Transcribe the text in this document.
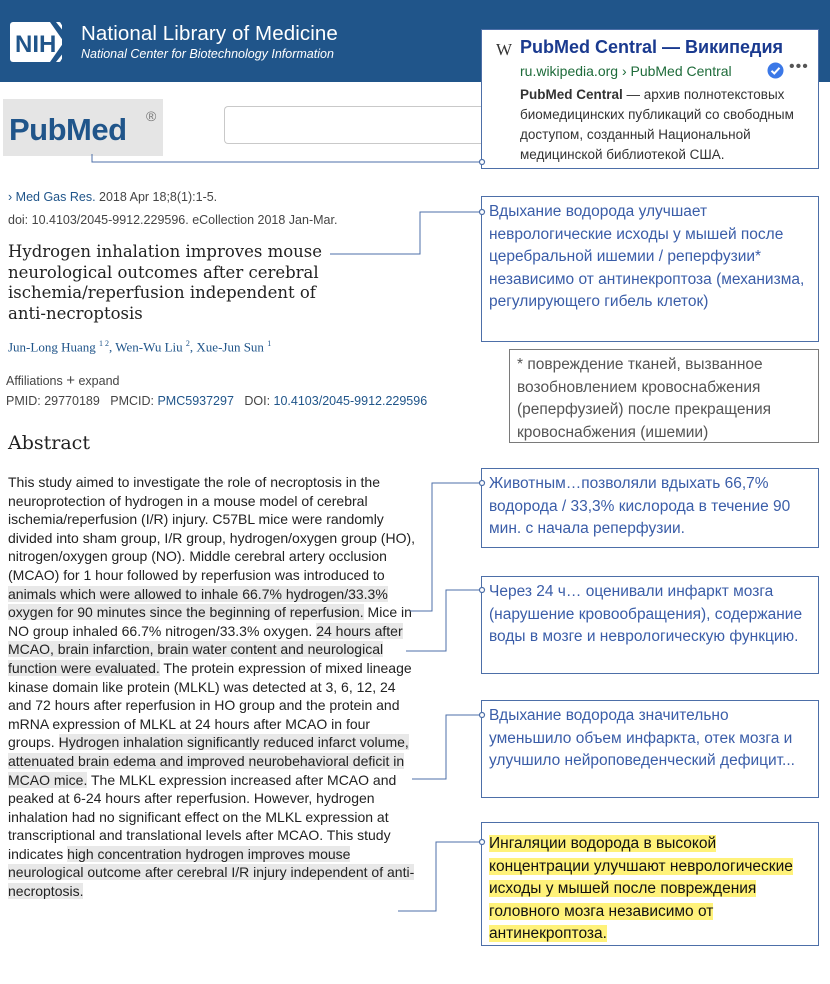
NIH National Library of Medicine
National Center for Biotechnology Information
PubMed ®
W PubMed Central — Википедия
ru.wikipedia.org › PubMed Central	•••
PubMed Central — архив полнотекстовых биомедицинских публикаций со свободным доступом, созданный Национальной медицинской библиотекой США.
› Med Gas Res. 2018 Apr 18;8(1):1-5.
doi: 10.4103/2045-9912.229596. eCollection 2018 Jan-Mar.
Hydrogen inhalation improves mouse neurological outcomes after cerebral ischemia/reperfusion independent of anti-necroptosis
Jun-Long Huang $^{1 2}$, Wen-Wu Liu $^2$, Xue-Jun Sun $^1$
Affiliations + expand
PMID: 29770189 PMCID: PMC5937297 DOI: 10.4103/2045-9912.229596
Abstract
This study aimed to investigate the role of necroptosis in the neuroprotection of hydrogen in a mouse model of cerebral ischemia/reperfusion (I/R) injury. C57BL mice were randomly divided into sham group, I/R group, hydrogen/oxygen group (HO), nitrogen/oxygen group (NO). Middle cerebral artery occlusion (MCAO) for 1 hour followed by reperfusion was introduced to animals which were allowed to inhale 66.7% hydrogen/33.3% oxygen for 90 minutes since the beginning of reperfusion. Mice in NO group inhaled 66.7% nitrogen/33.3% oxygen. 24 hours after MCAO, brain infarction, brain water content and neurological function were evaluated. The protein expression of mixed lineage kinase domain like protein (MLKL) was detected at 3, 6, 12, 24 and 72 hours after reperfusion in HO group and the protein and mRNA expression of MLKL at 24 hours after MCAO in four groups. Hydrogen inhalation significantly reduced infarct volume, attenuated brain edema and improved neurobehavioral deficit in MCAO mice. The MLKL expression increased after MCAO and peaked at 6-24 hours after reperfusion. However, hydrogen inhalation had no significant effect on the MLKL expression at transcriptional and translational levels after MCAO. This study indicates high concentration hydrogen improves mouse neurological outcome after cerebral I/R injury independent of anti-necroptosis.
Вдыхание водорода улучшает неврологические исходы у мышей после церебральной ишемии / реперфузии* независимо от антинекроптоза (механизма, регулирующего гибель клеток)
* повреждение тканей, вызванное возобновлением кровоснабжения (реперфузией) после прекращения кровоснабжения (ишемии)
Животным…позволяли вдыхать 66,7% водорода / 33,3% кислорода в течение 90 мин. с начала реперфузии.
Через 24 ч… оценивали инфаркт мозга (нарушение кровообращения), содержание воды в мозге и неврологическую функцию.
Вдыхание водорода значительно уменьшило объем инфаркта, отек мозга и улучшило нейроповеденческий дефицит...
Ингаляции водорода в высокой концентрации улучшают неврологические исходы у мышей после повреждения головного мозга независимо от антинекроптоза.
